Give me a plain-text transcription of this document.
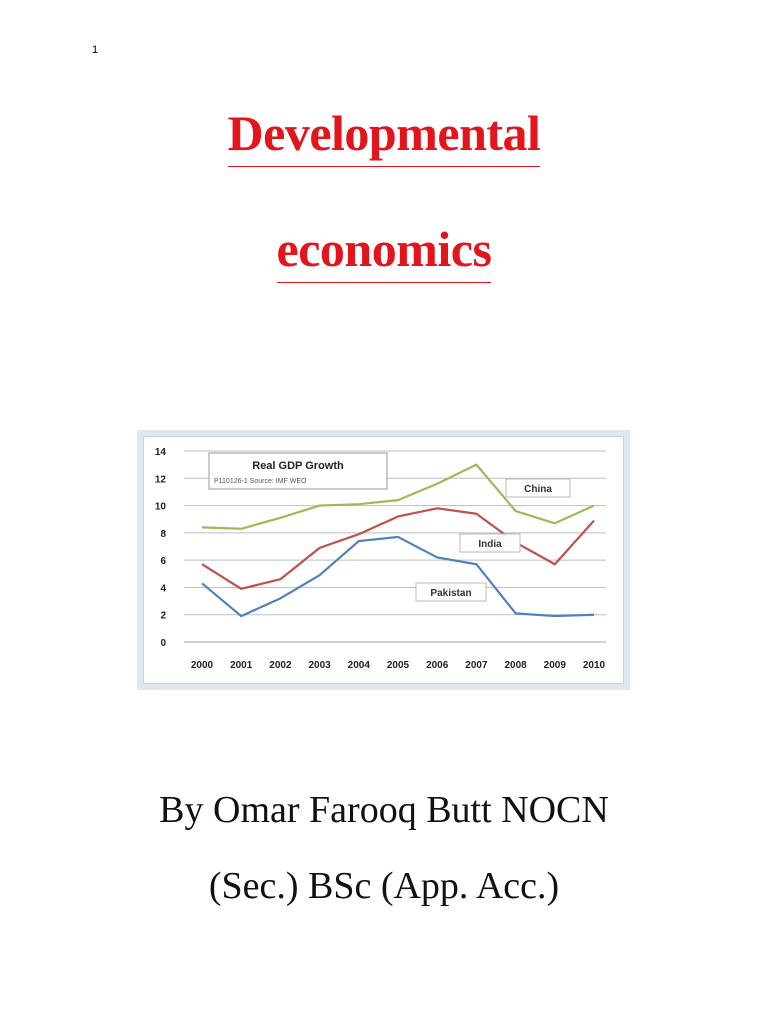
1
Developmental
economics
0
2
4
6
8
10
12
14
2000 2001 2002 2003 2004 2005 2006 2007 2008 2009 2010
Real GDP Growth
P110126-1 Source: IMF WEO
China
India
Pakistan
By Omar Farooq Butt NOCN
(Sec.) BSc (App. Acc.)
